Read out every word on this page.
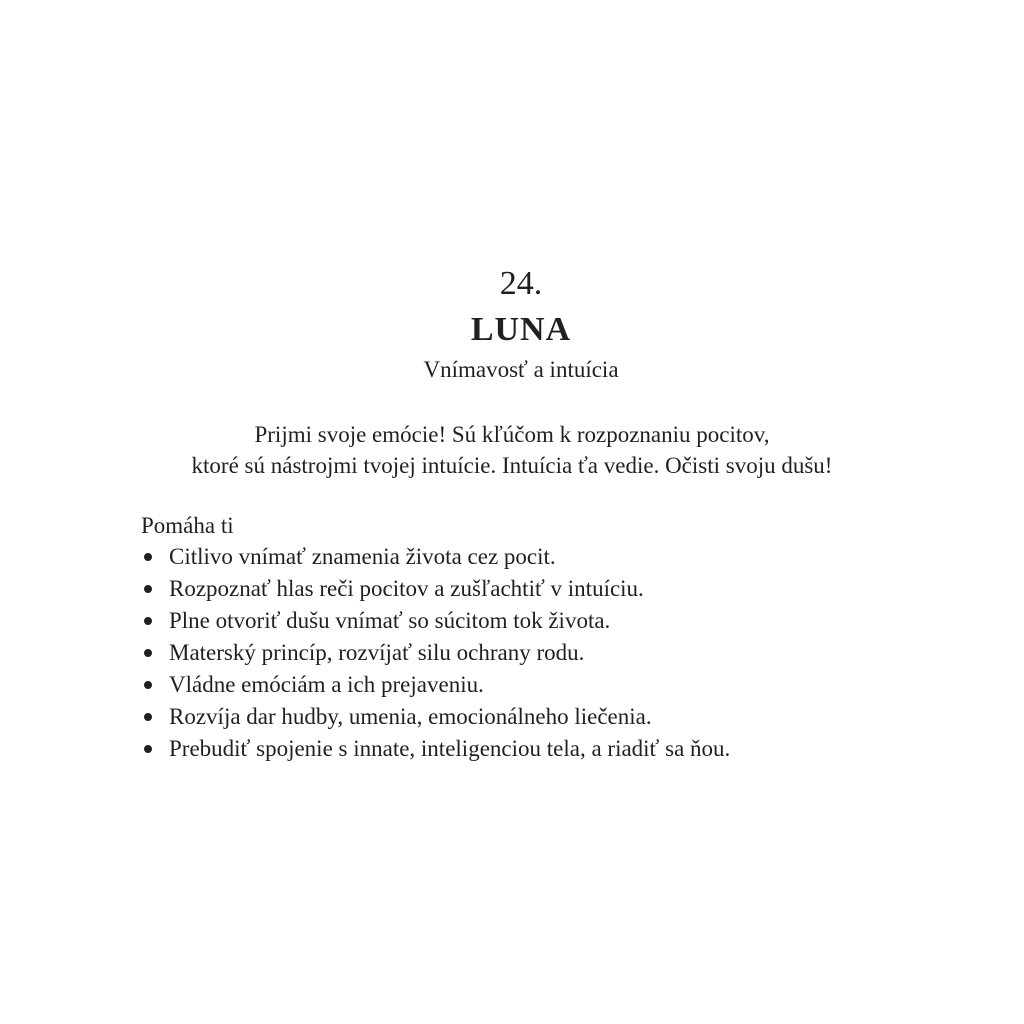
24.
LUNA
Vnímavosť a intuícia
Prijmi svoje emócie! Sú kľúčom k rozpoznaniu pocitov,
ktoré sú nástrojmi tvojej intuície. Intuícia ťa vedie. Očisti svoju dušu!
Pomáha ti
Citlivo vnímať znamenia života cez pocit.
Rozpoznať hlas reči pocitov a zušľachtiť v intuíciu.
Plne otvoriť dušu vnímať so súcitom tok života.
Materský princíp, rozvíjať silu ochrany rodu.
Vládne emóciám a ich prejaveniu.
Rozvíja dar hudby, umenia, emocionálneho liečenia.
Prebudiť spojenie s innate, inteligenciou tela, a riadiť sa ňou.
